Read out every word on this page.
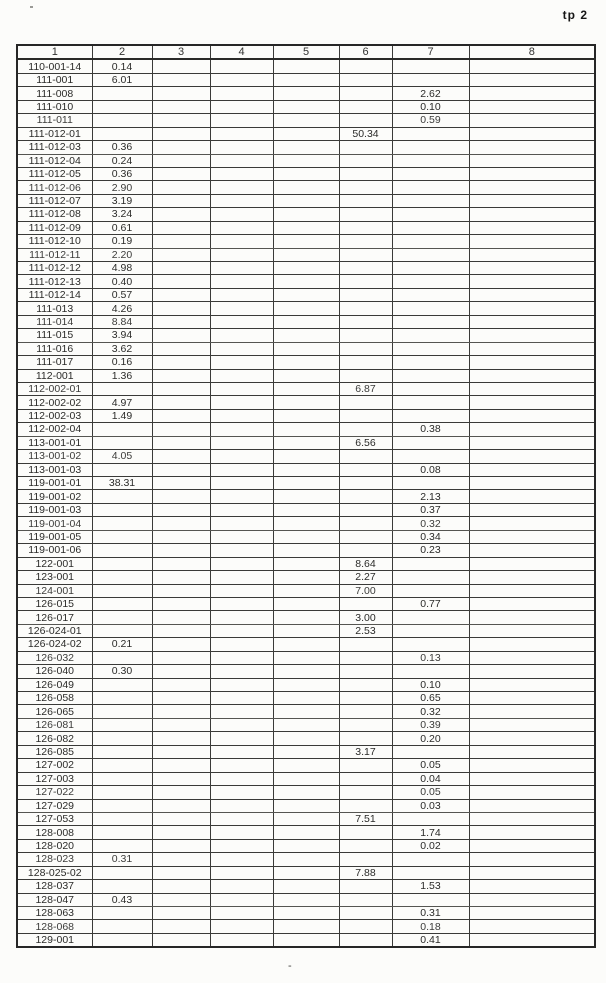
tp 2
1	2	3	4	5	6	7	8
110-001-14	0.14						
111-001	6.01						
111-008						2.62	
111-010						0.10	
111-011						0.59	
111-012-01					50.34		
111-012-03	0.36						
111-012-04	0.24						
111-012-05	0.36						
111-012-06	2.90						
111-012-07	3.19						
111-012-08	3.24						
111-012-09	0.61						
111-012-10	0.19						
111-012-11	2.20						
111-012-12	4.98						
111-012-13	0.40						
111-012-14	0.57						
111-013	4.26						
111-014	8.84						
111-015	3.94						
111-016	3.62						
111-017	0.16						
112-001	1.36						
112-002-01					6.87		
112-002-02	4.97						
112-002-03	1.49						
112-002-04						0.38	
113-001-01					6.56		
113-001-02	4.05						
113-001-03						0.08	
119-001-01	38.31						
119-001-02						2.13	
119-001-03						0.37	
119-001-04						0.32	
119-001-05						0.34	
119-001-06						0.23	
122-001					8.64		
123-001					2.27		
124-001					7.00		
126-015						0.77	
126-017					3.00		
126-024-01					2.53		
126-024-02	0.21						
126-032						0.13	
126-040	0.30						
126-049						0.10	
126-058						0.65	
126-065						0.32	
126-081						0.39	
126-082						0.20	
126-085					3.17		
127-002						0.05	
127-003						0.04	
127-022						0.05	
127-029						0.03	
127-053					7.51		
128-008						1.74	
128-020						0.02	
128-023	0.31						
128-025-02					7.88		
128-037						1.53	
128-047	0.43						
128-063						0.31	
128-068						0.18	
129-001						0.41	
-
